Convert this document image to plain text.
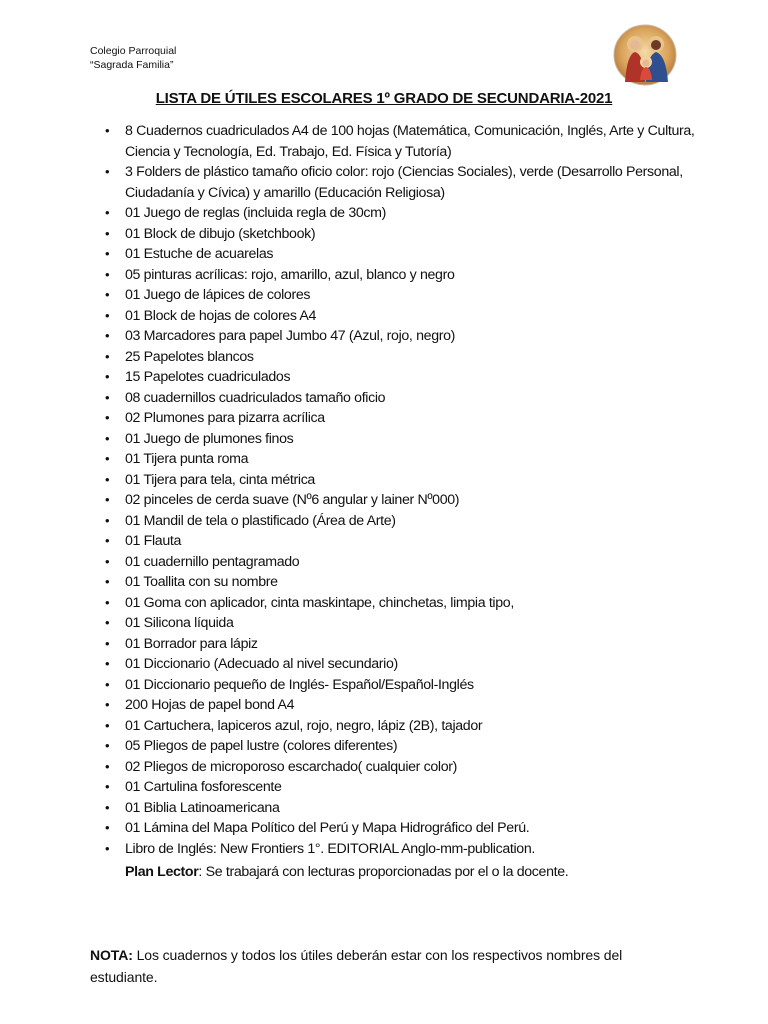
Colegio Parroquial
“Sagrada Familia”
LISTA DE ÚTILES ESCOLARES 1º GRADO DE SECUNDARIA-2021
•	8 Cuadernos cuadriculados A4 de 100 hojas (Matemática, Comunicación, Inglés, Arte y Cultura, Ciencia y Tecnología, Ed. Trabajo, Ed. Física y Tutoría)
•	3 Folders de plástico tamaño oficio color: rojo (Ciencias Sociales), verde (Desarrollo Personal, Ciudadanía y Cívica) y amarillo (Educación Religiosa)
•	01 Juego de reglas (incluida regla de 30cm)
•	01 Block de dibujo (sketchbook)
•	01 Estuche de acuarelas
•	05 pinturas acrílicas: rojo, amarillo, azul, blanco y negro
•	01 Juego de lápices de colores
•	01 Block de hojas de colores A4
•	03 Marcadores para papel Jumbo 47 (Azul, rojo, negro)
•	25 Papelotes blancos
•	15 Papelotes cuadriculados
•	08 cuadernillos cuadriculados tamaño oficio
•	02 Plumones para pizarra acrílica
•	01 Juego de plumones finos
•	01 Tijera punta roma
•	01 Tijera para tela, cinta métrica
•	02 pinceles de cerda suave (Nº6 angular y lainer Nº000)
•	01 Mandil de tela o plastificado (Área de Arte)
•	01 Flauta
•	01 cuadernillo pentagramado
•	01 Toallita con su nombre
•	01 Goma con aplicador, cinta maskintape, chinchetas, limpia tipo,
•	01 Silicona líquida
•	01 Borrador para lápiz
•	01 Diccionario (Adecuado al nivel secundario)
•	01 Diccionario pequeño de Inglés- Español/Español-Inglés
•	200 Hojas de papel bond A4
•	01 Cartuchera, lapiceros azul, rojo, negro, lápiz (2B), tajador
•	05 Pliegos de papel lustre (colores diferentes)
•	02 Pliegos de microporoso escarchado( cualquier color)
•	01 Cartulina fosforescente
•	01 Biblia Latinoamericana
•	01 Lámina del Mapa Político del Perú y Mapa Hidrográfico del Perú.
•	Libro de Inglés: New Frontiers 1°. EDITORIAL Anglo-mm-publication.
Plan Lector: Se trabajará con lecturas proporcionadas por el o la docente.
NOTA: Los cuadernos y todos los útiles deberán estar con los respectivos nombres del estudiante.
